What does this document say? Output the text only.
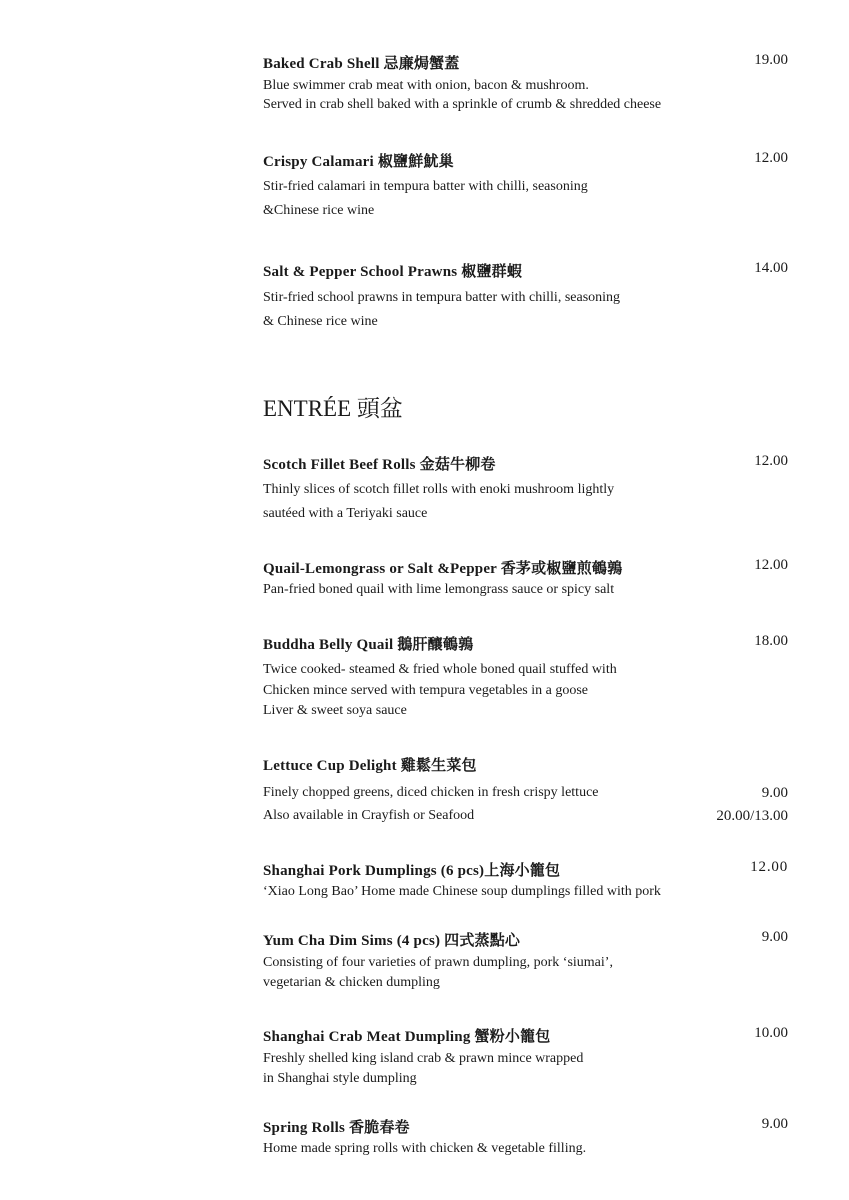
Baked Crab Shell 忌廉焗蟹蓋	19.00
Blue swimmer crab meat with onion, bacon & mushroom.
Served in crab shell baked with a sprinkle of crumb & shredded cheese
Crispy Calamari 椒鹽鮮魷巢	12.00
Stir-fried calamari in tempura batter with chilli, seasoning
&Chinese rice wine
Salt & Pepper School Prawns 椒鹽群蝦	14.00
Stir-fried school prawns in tempura batter with chilli, seasoning
& Chinese rice wine
ENTRÉE 頭盆
Scotch Fillet Beef Rolls 金菇牛柳卷	12.00
Thinly slices of scotch fillet rolls with enoki mushroom lightly
sautéed with a Teriyaki sauce
Quail-Lemongrass or Salt &Pepper 香茅或椒鹽煎鵪鶉	12.00
Pan-fried boned quail with lime lemongrass sauce or spicy salt
Buddha Belly Quail 鵝肝釀鵪鶉	18.00
Twice cooked- steamed & fried whole boned quail stuffed with
Chicken mince served with tempura vegetables in a goose
Liver & sweet soya sauce
Lettuce Cup Delight 雞鬆生菜包
Finely chopped greens, diced chicken in fresh crispy lettuce	9.00
Also available in Crayfish or Seafood	20.00/13.00
Shanghai Pork Dumplings (6 pcs)上海小籠包	12.00
‘Xiao Long Bao’ Home made Chinese soup dumplings filled with pork
Yum Cha Dim Sims (4 pcs) 四式蒸點心	9.00
Consisting of four varieties of prawn dumpling, pork ‘siumai’,
vegetarian & chicken dumpling
Shanghai Crab Meat Dumpling 蟹粉小籠包	10.00
Freshly shelled king island crab & prawn mince wrapped
in Shanghai style dumpling
Spring Rolls 香脆春卷	9.00
Home made spring rolls with chicken & vegetable filling.
